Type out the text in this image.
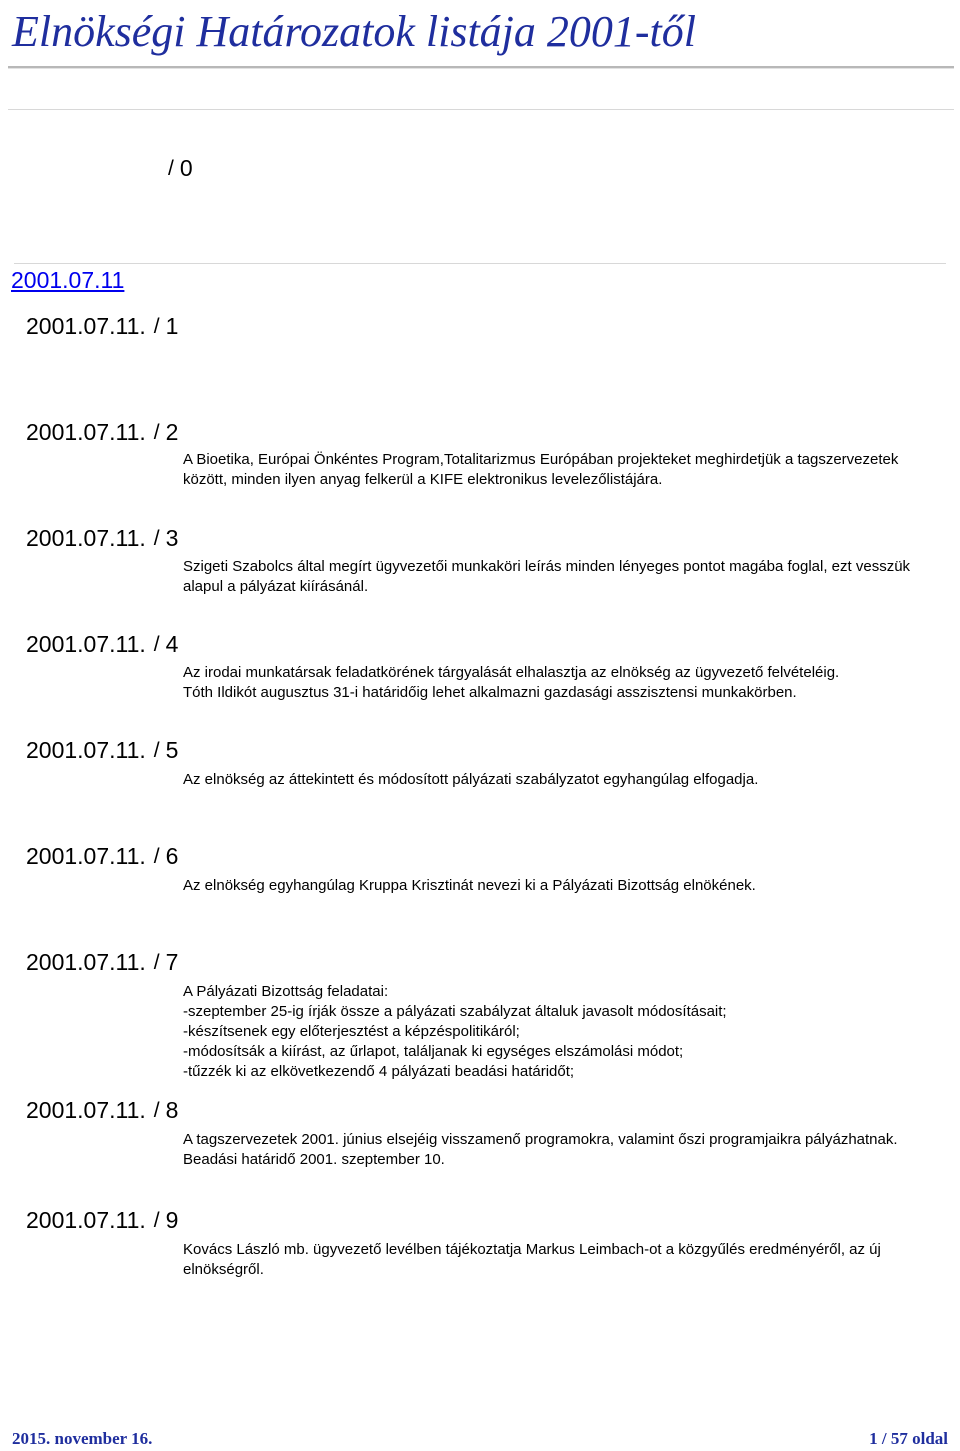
Elnökségi Határozatok listája 2001-től
/ 0
2001.07.11
2001.07.11. / 1
2001.07.11. / 2

A Bioetika, Európai Önkéntes Program,Totalitarizmus Európában projekteket meghirdetjük a tagszervezetek között, minden ilyen anyag felkerül a KIFE elektronikus levelezőlistájára.

2001.07.11. / 3

Szigeti Szabolcs által megírt ügyvezetői munkaköri leírás minden lényeges pontot magába foglal, ezt vesszük alapul a pályázat kiírásánál.

2001.07.11. / 4

Az irodai munkatársak feladatkörének tárgyalását elhalasztja az elnökség az ügyvezető felvételéig.

Tóth Ildikót augusztus 31-i határidőig lehet alkalmazni gazdasági asszisztensi munkakörben.

2001.07.11. / 5

Az elnökség az áttekintett és módosított pályázati szabályzatot egyhangúlag elfogadja.

2001.07.11. / 6

Az elnökség egyhangúlag Kruppa Krisztinát nevezi ki a Pályázati Bizottság elnökének.

2001.07.11. / 7

A Pályázati Bizottság feladatai:

-szeptember 25-ig írják össze a pályázati szabályzat általuk javasolt módosításait;

-készítsenek egy előterjesztést a képzéspolitikáról;

-módosítsák a kiírást, az űrlapot, találjanak ki egységes elszámolási módot;

-tűzzék ki az elkövetkezendő 4 pályázati beadási határidőt;

2001.07.11. / 8

A tagszervezetek 2001. június elsejéig visszamenő programokra, valamint őszi programjaikra pályázhatnak.

Beadási határidő 2001. szeptember 10.

2001.07.11. / 9

Kovács László mb. ügyvezető levélben tájékoztatja Markus Leimbach-ot a közgyűlés eredményéről, az új elnökségről.

2015. november 16.	1 / 57 oldal
